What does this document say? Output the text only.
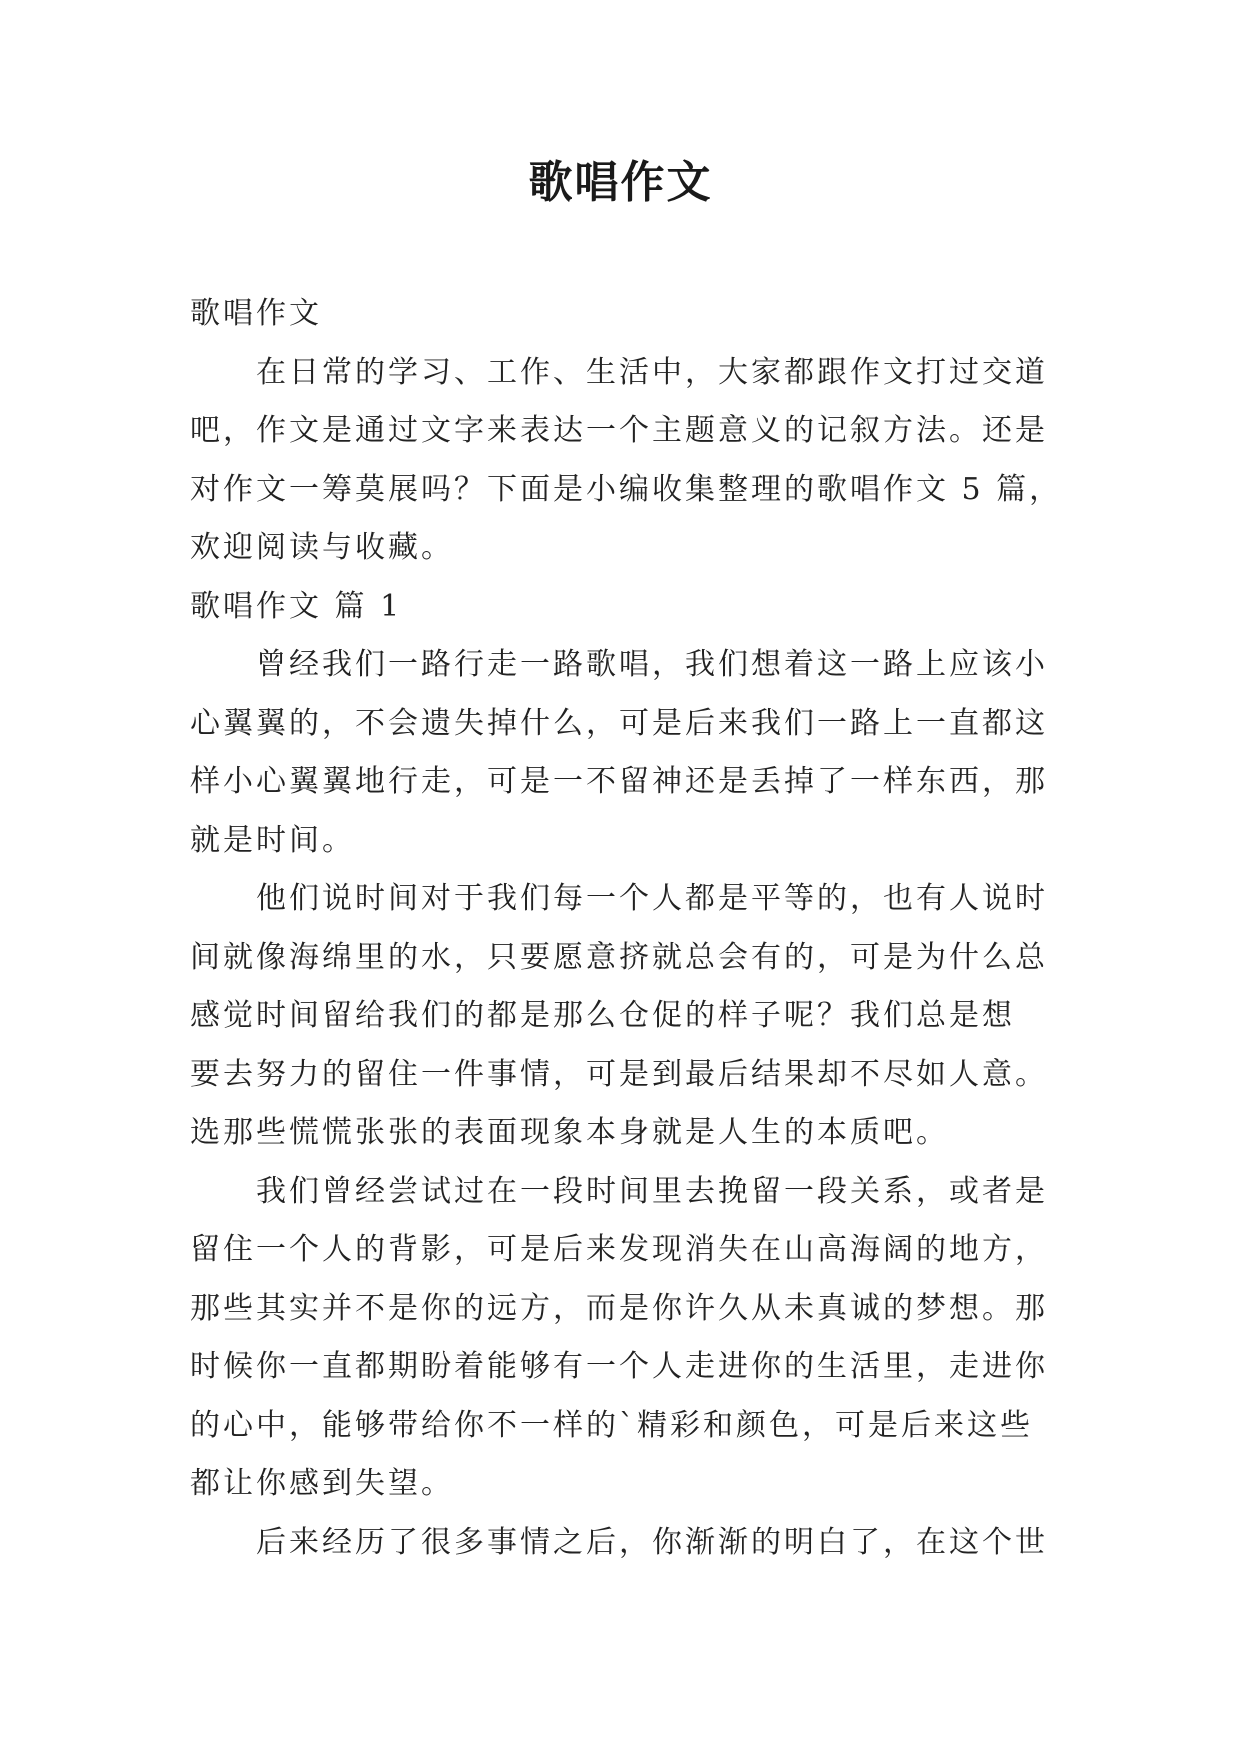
歌唱作文
歌唱作文
在日常的学习、工作、生活中，大家都跟作文打过交道
吧，作文是通过文字来表达一个主题意义的记叙方法。还是
对作文一筹莫展吗？下面是小编收集整理的歌唱作文 5 篇，
欢迎阅读与收藏。
歌唱作文 篇 1
曾经我们一路行走一路歌唱，我们想着这一路上应该小
心翼翼的，不会遗失掉什么，可是后来我们一路上一直都这
样小心翼翼地行走，可是一不留神还是丢掉了一样东西，那
就是时间。
他们说时间对于我们每一个人都是平等的，也有人说时
间就像海绵里的水，只要愿意挤就总会有的，可是为什么总
感觉时间留给我们的都是那么仓促的样子呢？我们总是想
要去努力的留住一件事情，可是到最后结果却不尽如人意。
选那些慌慌张张的表面现象本身就是人生的本质吧。
我们曾经尝试过在一段时间里去挽留一段关系，或者是
留住一个人的背影，可是后来发现消失在山高海阔的地方，
那些其实并不是你的远方，而是你许久从未真诚的梦想。那
时候你一直都期盼着能够有一个人走进你的生活里，走进你
的心中，能够带给你不一样的`精彩和颜色，可是后来这些
都让你感到失望。
后来经历了很多事情之后，你渐渐的明白了，在这个世
